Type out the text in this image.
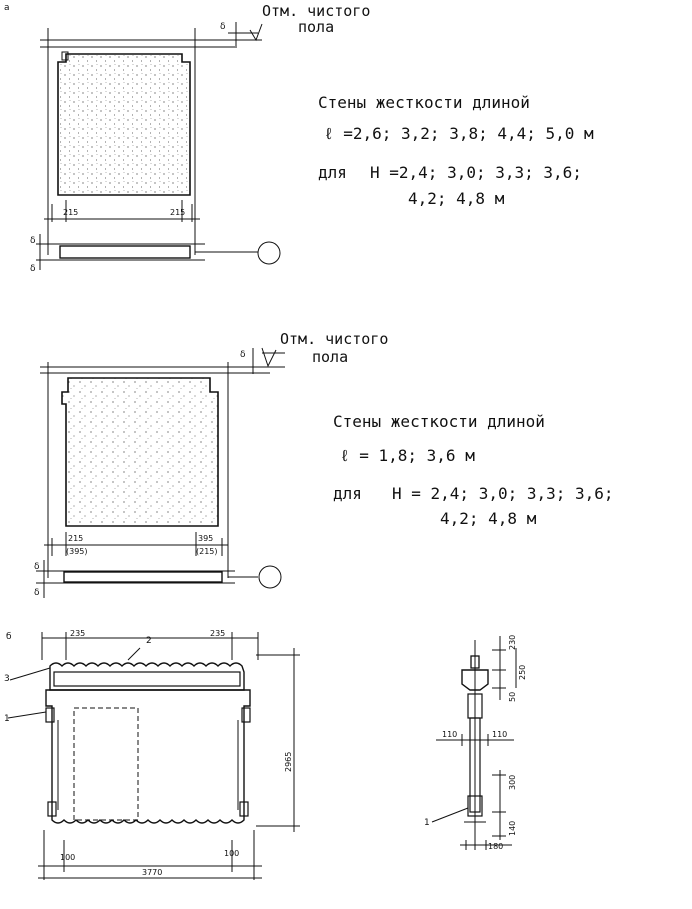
а	Отм. чистого
пола
δ
215	215
δ
δ
Стены жесткости длиной
ℓ =2,6; 3,2; 3,8; 4,4; 5,0 м
для H =2,4; 3,0; 3,3; 3,6;
4,2; 4,8 м
Отм. чистого
пола
δ
215
(395)
395
(215)
δ
δ
Стены жесткости длиной
ℓ = 1,8; 3,6 м
для H = 2,4; 3,0; 3,3; 3,6;
4,2; 4,8 м
б	235	235
2
3
1
2965
100	100
3770
230
250
50
110	110
300
140
180
1
